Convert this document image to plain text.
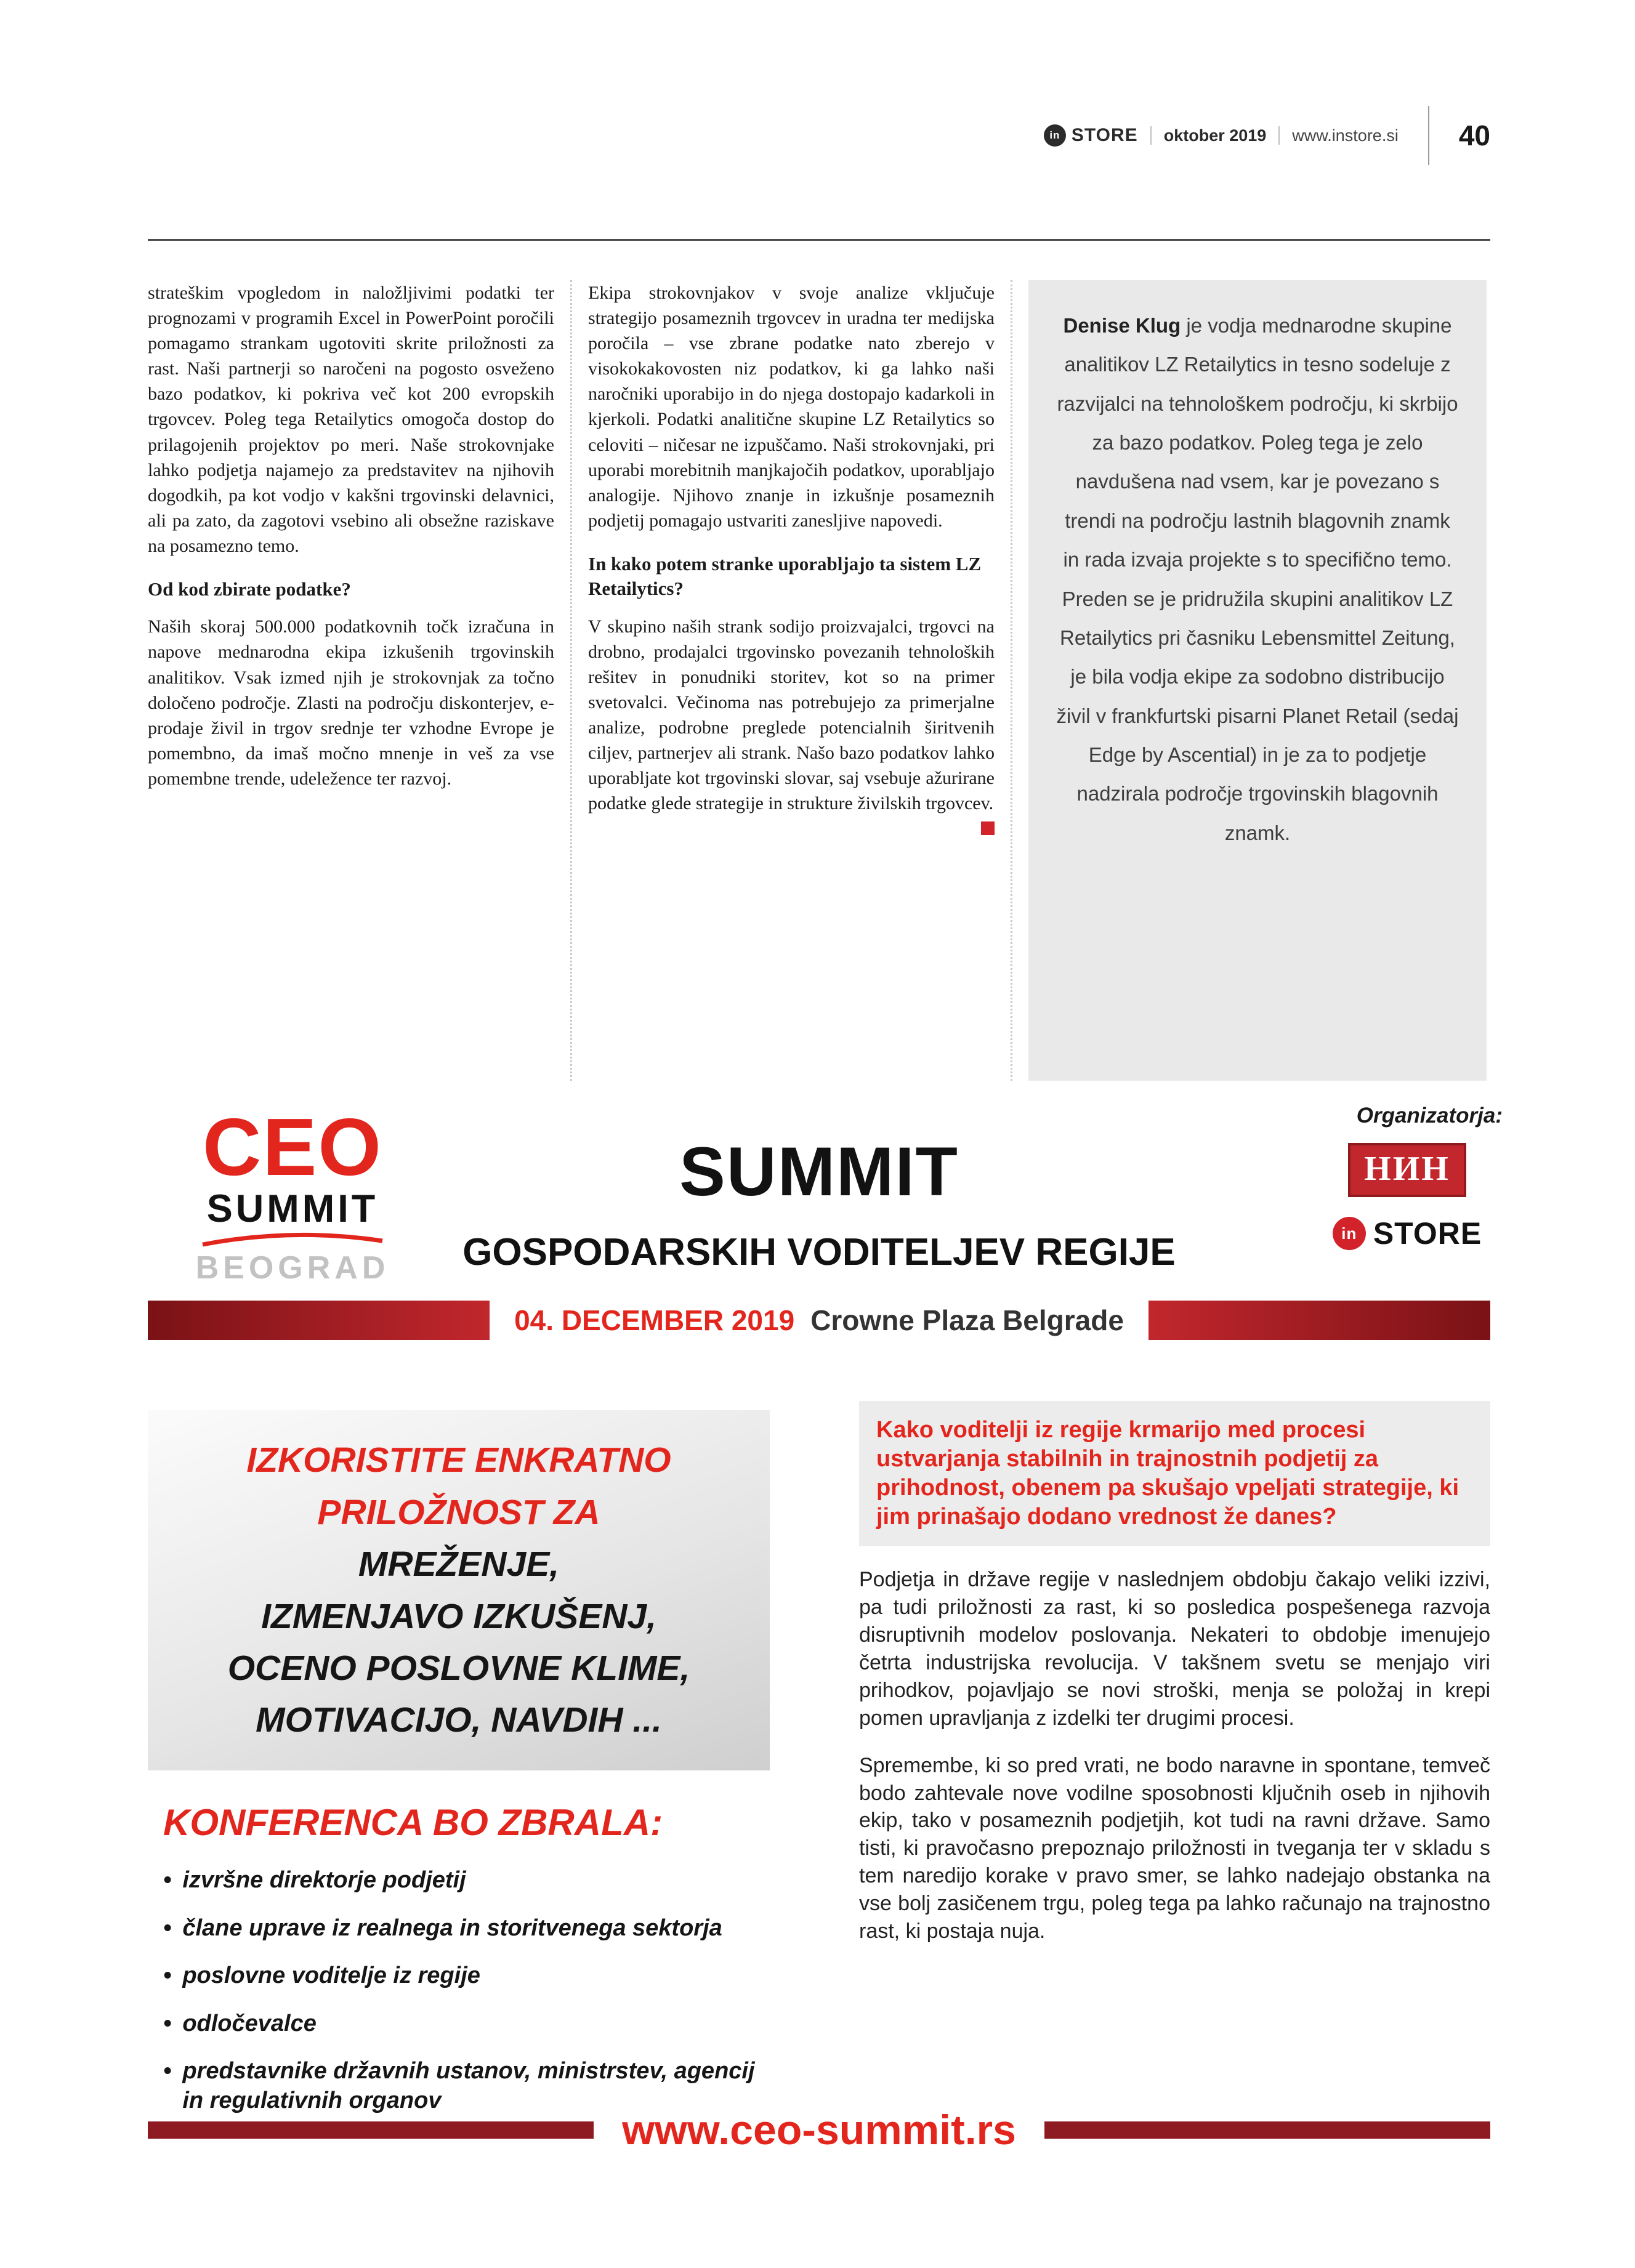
in STORE oktober 2019 www.instore.si 40

strateškim vpogledom in naložljivimi podatki ter prognozami v programih Excel in PowerPoint poročili pomagamo strankam ugotoviti skrite priložnosti za rast. Naši partnerji so naročeni na pogosto osveženo bazo podatkov, ki pokriva več kot 200 evropskih trgovcev. Poleg tega Retailytics omogoča dostop do prilagojenih projektov po meri. Naše strokovnjake lahko podjetja najamejo za predstavitev na njihovih dogodkih, pa kot vodjo v kakšni trgovinski delavnici, ali pa zato, da zagotovi vsebino ali obsežne raziskave na posamezno temo.

Od kod zbirate podatke?

Naših skoraj 500.000 podatkovnih točk izračuna in napove mednarodna ekipa izkušenih trgovinskih analitikov. Vsak izmed njih je strokovnjak za točno določeno področje. Zlasti na področju diskonterjev, e-prodaje živil in trgov srednje ter vzhodne Evrope je pomembno, da imaš močno mnenje in veš za vse pomembne trende, udeležence ter razvoj.

Ekipa strokovnjakov v svoje analize vključuje strategijo posameznih trgovcev in uradna ter medijska poročila – vse zbrane podatke nato zberejo v visokokakovosten niz podatkov, ki ga lahko naši naročniki uporabijo in do njega dostopajo kadarkoli in kjerkoli. Podatki analitične skupine LZ Retailytics so celoviti – ničesar ne izpuščamo. Naši strokovnjaki, pri uporabi morebitnih manjkajočih podatkov, uporabljajo analogije. Njihovo znanje in izkušnje posameznih podjetij pomagajo ustvariti zanesljive napovedi.

In kako potem stranke uporabljajo ta sistem LZ Retailytics?

V skupino naših strank sodijo proizvajalci, trgovci na drobno, prodajalci trgovinsko povezanih tehnoloških rešitev in ponudniki storitev, kot so na primer svetovalci. Večinoma nas potrebujejo za primerjalne analize, podrobne preglede potencialnih širitvenih ciljev, partnerjev ali strank. Našo bazo podatkov lahko uporabljate kot trgovinski slovar, saj vsebuje ažurirane podatke glede strategije in strukture živilskih trgovcev.

Denise Klug je vodja mednarodne skupine analitikov LZ Retailytics in tesno sodeluje z razvijalci na tehnološkem področju, ki skrbijo za bazo podatkov. Poleg tega je zelo navdušena nad vsem, kar je povezano s trendi na področju lastnih blagovnih znamk in rada izvaja projekte s to specifično temo. Preden se je pridružila skupini analitikov LZ Retailytics pri časniku Lebensmittel Zeitung, je bila vodja ekipe za sodobno distribucijo živil v frankfurtski pisarni Planet Retail (sedaj Edge by Ascential) in je za to podjetje nadzirala področje trgovinskih blagovnih znamk.
CEO
SUMMIT
BEOGRAD
SUMMIT
GOSPODARSKIH VODITELJEV REGIJE
Organizatorja:
НИН
in STORE
04. DECEMBER 2019 Crowne Plaza Belgrade
IZKORISTITE ENKRATNO
PRILOŽNOST ZA
MREŽENJE,
IZMENJAVO IZKUŠENJ,
OCENO POSLOVNE KLIME,
MOTIVACIJO, NAVDIH ...
KONFERENCA BO ZBRALA:
• izvršne direktorje podjetij
• člane uprave iz realnega in storitvenega sektorja
• poslovne voditelje iz regije
• odločevalce
• predstavnike državnih ustanov, ministrstev, agencij in regulativnih organov
Kako voditelji iz regije krmarijo med procesi ustvarjanja stabilnih in trajnostnih podjetij za prihodnost, obenem pa skušajo vpeljati strategije, ki jim prinašajo dodano vrednost že danes?

Podjetja in države regije v naslednjem obdobju čakajo veliki izzivi, pa tudi priložnosti za rast, ki so posledica pospešenega razvoja disruptivnih modelov poslovanja. Nekateri to obdobje imenujejo četrta industrijska revolucija. V takšnem svetu se menjajo viri prihodkov, pojavljajo se novi stroški, menja se položaj in krepi pomen upravljanja z izdelki ter drugimi procesi.

Spremembe, ki so pred vrati, ne bodo naravne in spontane, temveč bodo zahtevale nove vodilne sposobnosti ključnih oseb in njihovih ekip, tako v posameznih podjetjih, kot tudi na ravni države. Samo tisti, ki pravočasno prepoznajo priložnosti in tveganja ter v skladu s tem naredijo korake v pravo smer, se lahko nadejajo obstanka na vse bolj zasičenem trgu, poleg tega pa lahko računajo na trajnostno rast, ki postaja nuja.

www.ceo-summit.rs
